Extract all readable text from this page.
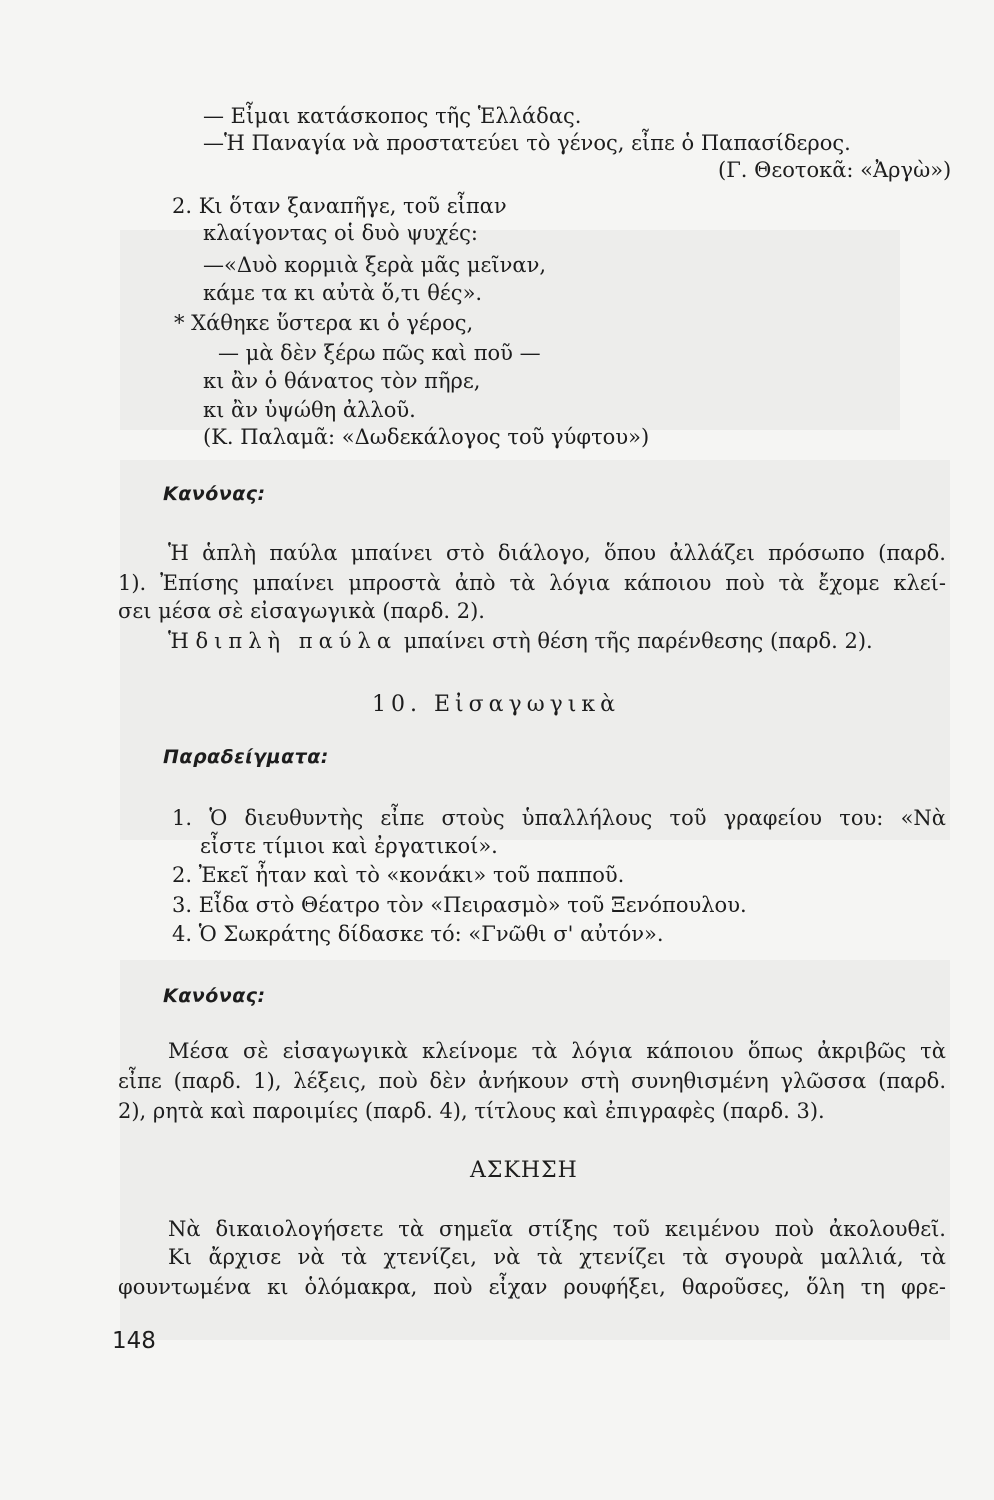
— Εἶμαι κατάσκοπος τῆς Ἑλλάδας.
—Ἡ Παναγία νὰ προστατεύει τὸ γένος, εἶπε ὁ Παπασίδερος.
(Γ. Θεοτοκᾶ: «Ἀργὼ»)
2. Κι ὅταν ξαναπῆγε, τοῦ εἶπαν
κλαίγοντας οἱ δυὸ ψυχές:
—«Δυὸ κορμιὰ ξερὰ μᾶς μεῖναν,
κάμε τα κι αὐτὰ ὅ,τι θές».
* Χάθηκε ὕστερα κι ὁ γέρος,
— μὰ δὲν ξέρω πῶς καὶ ποῦ —
κι ἂν ὁ θάνατος τὸν πῆρε,
κι ἂν ὑψώθη ἀλλοῦ.
(Κ. Παλαμᾶ: «Δωδεκάλογος τοῦ γύφτου»)
Κανόνας:
Ἡ ἁπλὴ παύλα μπαίνει στὸ διάλογο, ὅπου ἀλλάζει πρόσωπο (παρδ.
1). Ἐπίσης μπαίνει μπροστὰ ἀπὸ τὰ λόγια κάποιου ποὺ τὰ ἔχομε κλεί-
σει μέσα σὲ εἰσαγωγικὰ (παρδ. 2).
Ἡ διπλὴ παύλα μπαίνει στὴ θέση τῆς παρένθεσης (παρδ. 2).
10. Εἰσαγωγικὰ
Παραδείγματα:
1. Ὁ διευθυντὴς εἶπε στοὺς ὑπαλλήλους τοῦ γραφείου του: «Νὰ
εἶστε τίμιοι καὶ ἐργατικοί».
2. Ἐκεῖ ἦταν καὶ τὸ «κονάκι» τοῦ παπποῦ.
3. Εἶδα στὸ Θέατρο τὸν «Πειρασμὸ» τοῦ Ξενόπουλου.
4. Ὁ Σωκράτης δίδασκε τό: «Γνῶθι σ' αὐτόν».
Κανόνας:
Μέσα σὲ εἰσαγωγικὰ κλείνομε τὰ λόγια κάποιου ὅπως ἀκριβῶς τὰ
εἶπε (παρδ. 1), λέξεις, ποὺ δὲν ἀνήκουν στὴ συνηθισμένη γλῶσσα (παρδ.
2), ρητὰ καὶ παροιμίες (παρδ. 4), τίτλους καὶ ἐπιγραφὲς (παρδ. 3).
ΑΣΚΗΣΗ
Νὰ δικαιολογήσετε τὰ σημεῖα στίξης τοῦ κειμένου ποὺ ἀκολουθεῖ.
Κι ἄρχισε νὰ τὰ χτενίζει, νὰ τὰ χτενίζει τὰ σγουρὰ μαλλιά, τὰ
φουντωμένα κι ὁλόμακρα, ποὺ εἶχαν ρουφήξει, θαροῦσες, ὅλη τη φρε-
148
